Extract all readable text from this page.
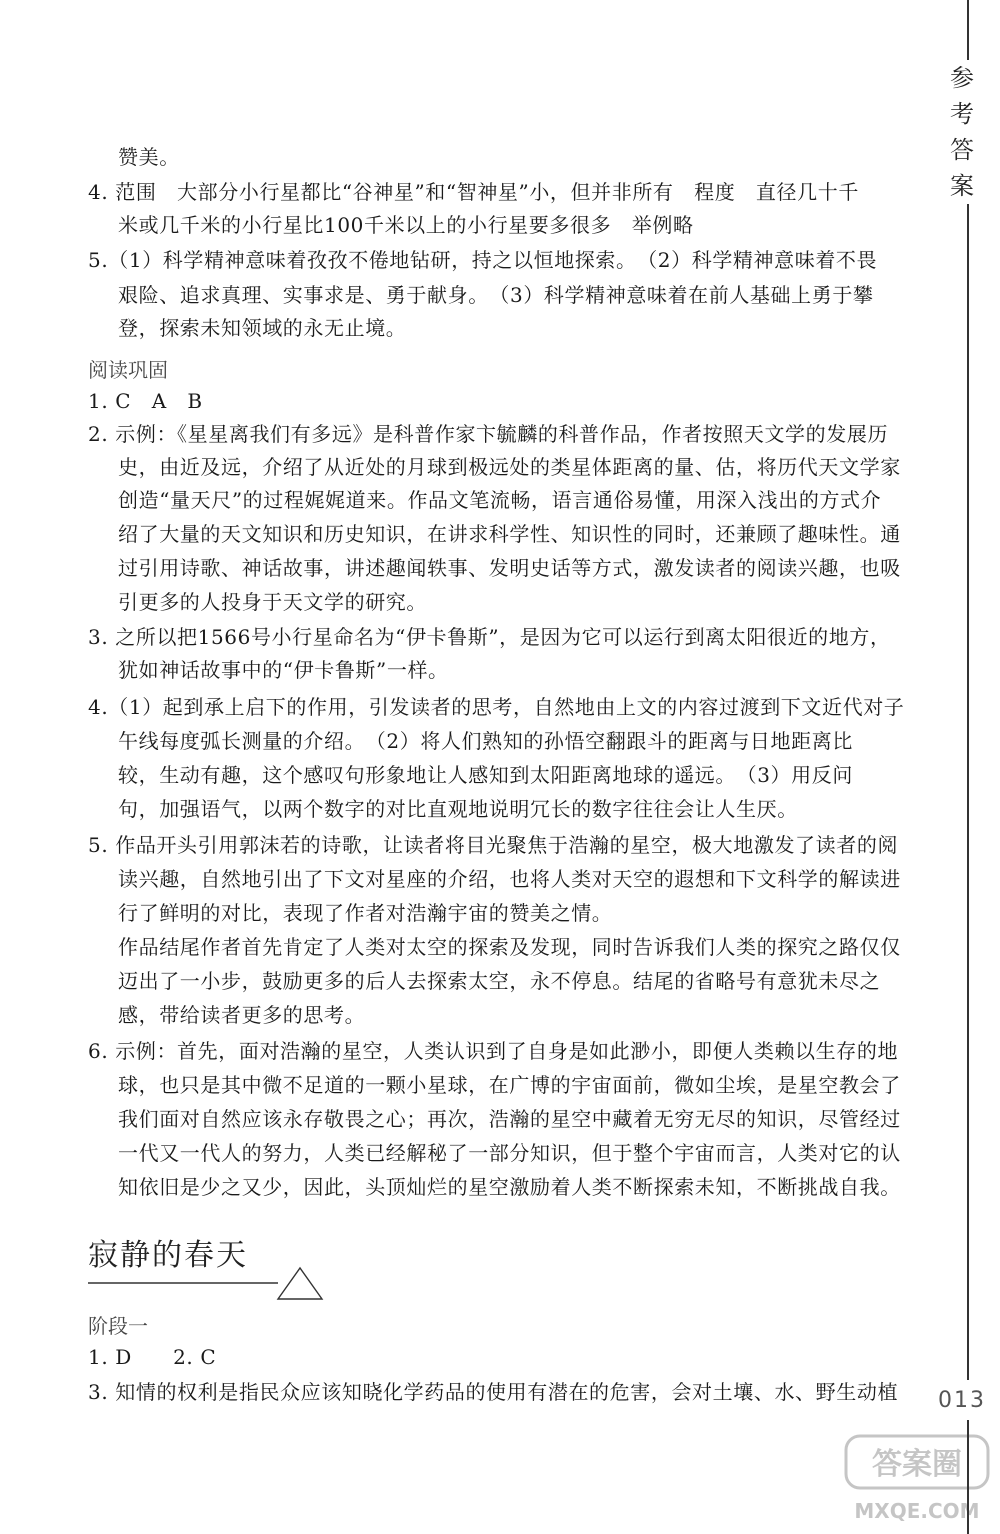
参
考
答
案
赞美。
4. 范围　大部分小行星都比“谷神星”和“智神星”小，但并非所有　程度　直径几十千
米或几千米的小行星比100千米以上的小行星要多很多　举例略
5.（1）科学精神意味着孜孜不倦地钻研，持之以恒地探索。　（2）科学精神意味着不畏
艰险、追求真理、实事求是、勇于献身。　（3）科学精神意味着在前人基础上勇于攀
登，探索未知领域的永无止境。
阅读巩固
1. C　A　B
2. 示例：《星星离我们有多远》是科普作家卞毓麟的科普作品，作者按照天文学的发展历
史，由近及远，介绍了从近处的月球到极远处的类星体距离的量、估，将历代天文学家
创造“量天尺”的过程娓娓道来。作品文笔流畅，语言通俗易懂，用深入浅出的方式介
绍了大量的天文知识和历史知识，在讲求科学性、知识性的同时，还兼顾了趣味性。通
过引用诗歌、神话故事，讲述趣闻轶事、发明史话等方式，激发读者的阅读兴趣，也吸
引更多的人投身于天文学的研究。
3. 之所以把1566号小行星命名为“伊卡鲁斯”，是因为它可以运行到离太阳很近的地方，
犹如神话故事中的“伊卡鲁斯”一样。
4.（1）起到承上启下的作用，引发读者的思考，自然地由上文的内容过渡到下文近代对子
午线每度弧长测量的介绍。　（2）将人们熟知的孙悟空翻跟斗的距离与日地距离比
较，生动有趣，这个感叹句形象地让人感知到太阳距离地球的遥远。　（3）用反问
句，加强语气，以两个数字的对比直观地说明冗长的数字往往会让人生厌。
5. 作品开头引用郭沫若的诗歌，让读者将目光聚焦于浩瀚的星空，极大地激发了读者的阅
读兴趣，自然地引出了下文对星座的介绍，也将人类对天空的遐想和下文科学的解读进
行了鲜明的对比，表现了作者对浩瀚宇宙的赞美之情。
作品结尾作者首先肯定了人类对太空的探索及发现，同时告诉我们人类的探究之路仅仅
迈出了一小步，鼓励更多的后人去探索太空，永不停息。结尾的省略号有意犹未尽之
感，带给读者更多的思考。
6. 示例：首先，面对浩瀚的星空，人类认识到了自身是如此渺小，即便人类赖以生存的地
球，也只是其中微不足道的一颗小星球，在广博的宇宙面前，微如尘埃，是星空教会了
我们面对自然应该永存敬畏之心；再次，浩瀚的星空中藏着无穷无尽的知识，尽管经过
一代又一代人的努力，人类已经解秘了一部分知识，但于整个宇宙而言，人类对它的认
知依旧是少之又少，因此，头顶灿烂的星空激励着人类不断探索未知，不断挑战自我。
寂静的春天
阶段一
1. D　　2. C
3. 知情的权利是指民众应该知晓化学药品的使用有潜在的危害，会对土壤、水、野生动植 013
答案圈
MXQE.COM
